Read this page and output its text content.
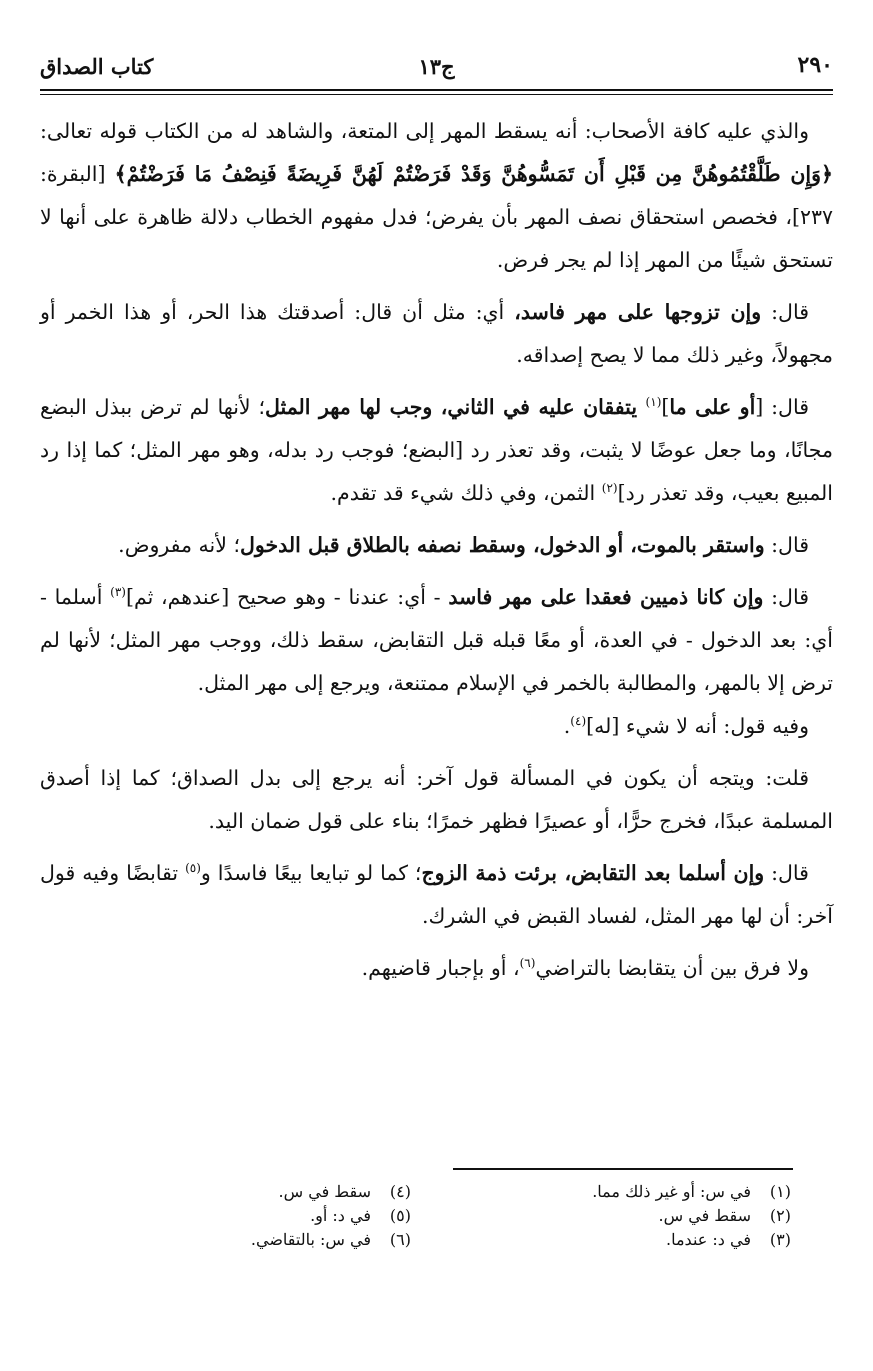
٢٩٠
ج١٣
كتاب الصداق

والذي عليه كافة الأصحاب: أنه يسقط المهر إلى المتعة، والشاهد له من الكتاب قوله تعالى: ﴿وَإِن طَلَّقْتُمُوهُنَّ مِن قَبْلِ أَن تَمَسُّوهُنَّ وَقَدْ فَرَضْتُمْ لَهُنَّ فَرِيضَةً فَنِصْفُ مَا فَرَضْتُمْ﴾ [البقرة: ٢٣٧]، فخصص استحقاق نصف المهر بأن يفرض؛ فدل مفهوم الخطاب دلالة ظاهرة على أنها لا تستحق شيئًا من المهر إذا لم يجر فرض.

قال: وإن تزوجها على مهر فاسد، أي: مثل أن قال: أصدقتك هذا الحر، أو هذا الخمر أو مجهولاً، وغير ذلك مما لا يصح إصداقه.

قال: [أو على ما]$^{(١)}$ يتفقان عليه في الثاني، وجب لها مهر المثل؛ لأنها لم ترض ببذل البضع مجانًا، وما جعل عوضًا لا يثبت، وقد تعذر رد [البضع؛ فوجب رد بدله، وهو مهر المثل؛ كما إذا رد المبيع بعيب، وقد تعذر رد]$^{(٢)}$ الثمن، وفي ذلك شيء قد تقدم.

قال: واستقر بالموت، أو الدخول، وسقط نصفه بالطلاق قبل الدخول؛ لأنه مفروض.

قال: وإن كانا ذميين فعقدا على مهر فاسد - أي: عندنا - وهو صحيح [عندهم، ثم]$^{(٣)}$ أسلما - أي: بعد الدخول - في العدة، أو معًا قبله قبل التقابض، سقط ذلك، ووجب مهر المثل؛ لأنها لم ترض إلا بالمهر، والمطالبة بالخمر في الإسلام ممتنعة، ويرجع إلى مهر المثل.

وفيه قول: أنه لا شيء [له]$^{(٤)}$.

قلت: ويتجه أن يكون في المسألة قول آخر: أنه يرجع إلى بدل الصداق؛ كما إذا أصدق المسلمة عبدًا، فخرج حرًّا، أو عصيرًا فظهر خمرًا؛ بناء على قول ضمان اليد.

قال: وإن أسلما بعد التقابض، برئت ذمة الزوج؛ كما لو تبايعا بيعًا فاسدًا و$^{(٥)}$ تقابضًا وفيه قول آخر: أن لها مهر المثل، لفساد القبض في الشرك.

ولا فرق بين أن يتقابضا بالتراضي$^{(٦)}$، أو بإجبار قاضيهم.

(١)في س: أو غير ذلك مما.
(٢)سقط في س.
(٣)في د: عندما.
(٤)سقط في س.
(٥)في د: أو.
(٦)في س: بالتقاضي.
